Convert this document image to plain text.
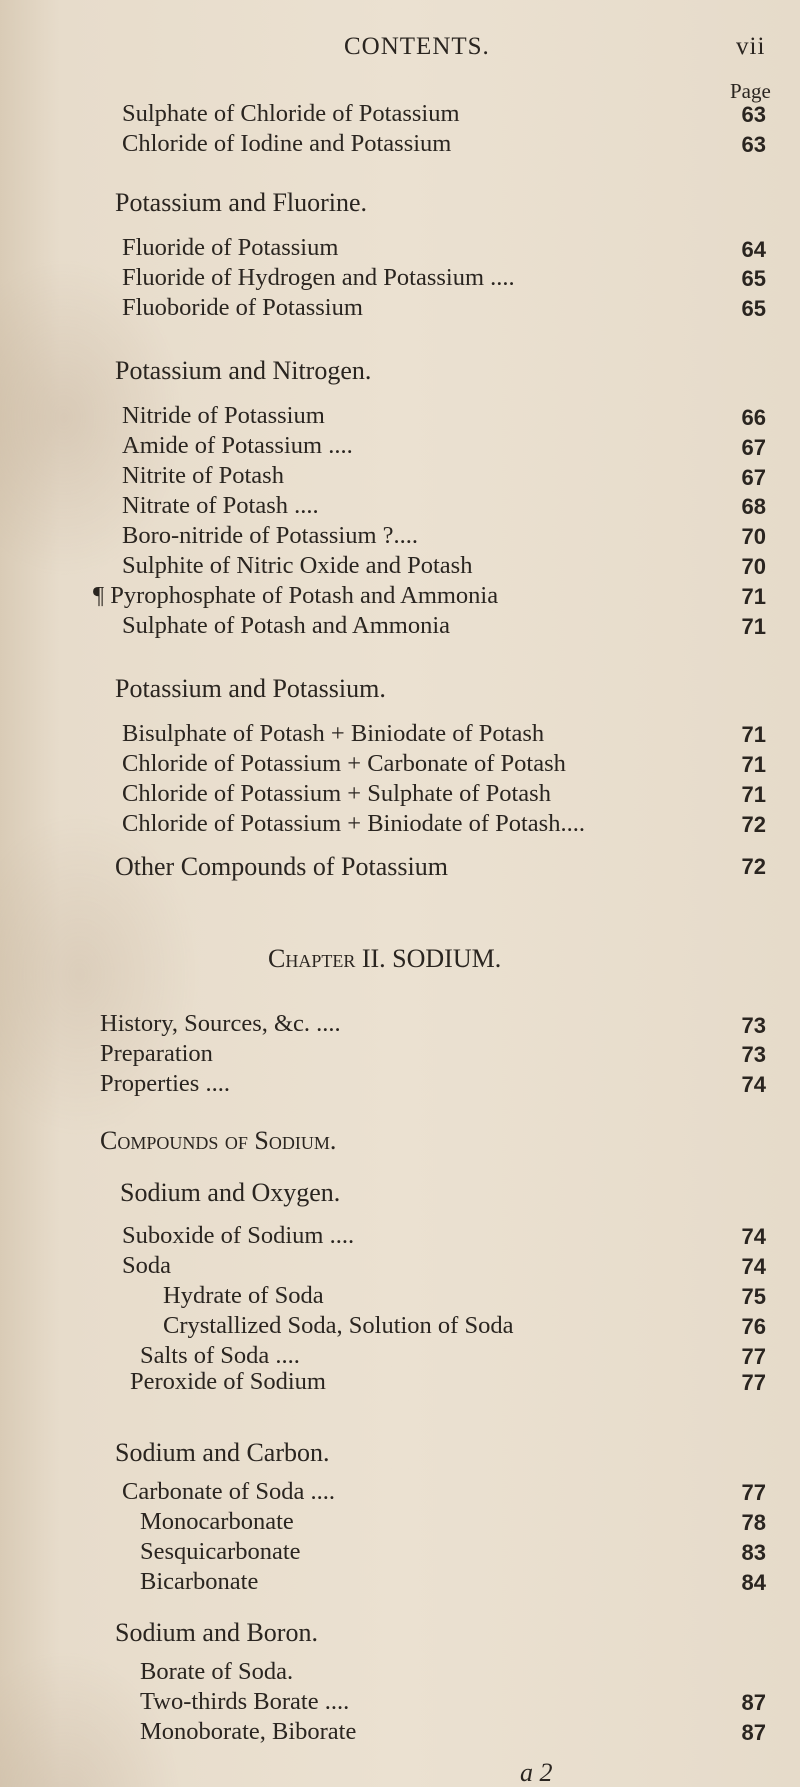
CONTENTS.	vii
Page
Sulphate of Chloride of Potassium	63
Chloride of Iodine and Potassium	63
Potassium and Fluorine.
Fluoride of Potassium	64
Fluoride of Hydrogen and Potassium ....	65
Fluoboride of Potassium	65
Potassium and Nitrogen.
Nitride of Potassium	66
Amide of Potassium ....	67
Nitrite of Potash	67
Nitrate of Potash ....	68
Boro-nitride of Potassium ?....	70
Sulphite of Nitric Oxide and Potash	70
¶ Pyrophosphate of Potash and Ammonia	71
Sulphate of Potash and Ammonia	71
Potassium and Potassium.
Bisulphate of Potash + Biniodate of Potash	71
Chloride of Potassium + Carbonate of Potash	71
Chloride of Potassium + Sulphate of Potash	71
Chloride of Potassium + Biniodate of Potash....	72
Other Compounds of Potassium	72
Chapter II. SODIUM.
History, Sources, &c. ....	73
Preparation	73
Properties ....	74
Compounds of Sodium.
Sodium and Oxygen.
Suboxide of Sodium ....	74
Soda	74
Hydrate of Soda	75
Crystallized Soda, Solution of Soda	76
Salts of Soda ....	77
Peroxide of Sodium	77
Sodium and Carbon.
Carbonate of Soda ....	77
Monocarbonate	78
Sesquicarbonate	83
Bicarbonate	84
Sodium and Boron.
Borate of Soda.
Two-thirds Borate ....	87
Monoborate, Biborate	87
a 2
